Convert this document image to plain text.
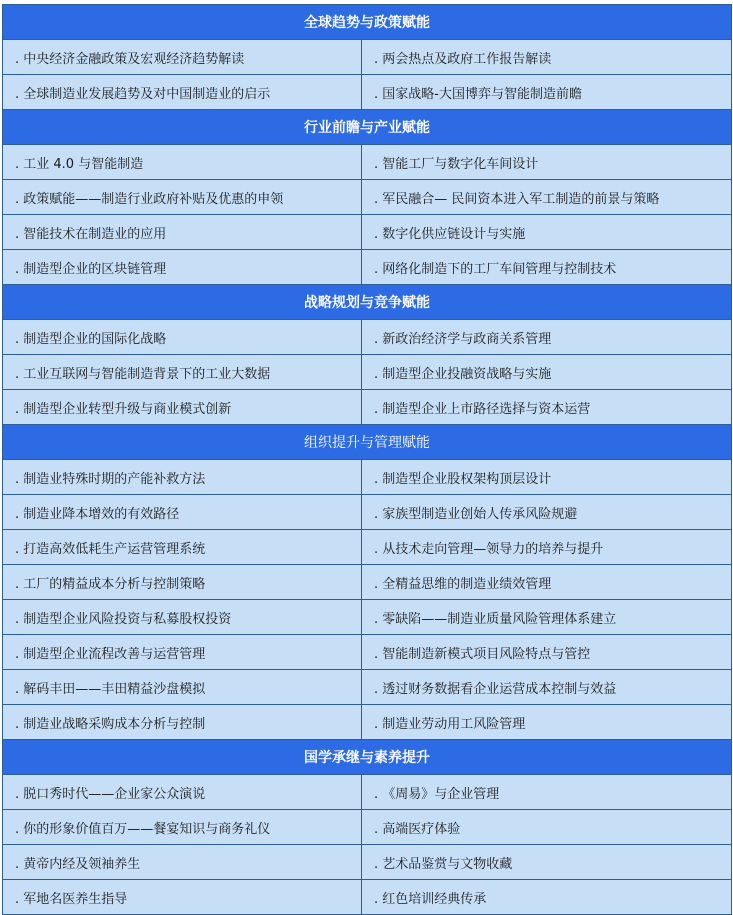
全球趋势与政策赋能	
. 中央经济金融政策及宏观经济趋势解读	. 两会热点及政府工作报告解读
. 全球制造业发展趋势及对中国制造业的启示	. 国家战略-大国博弈与智能制造前瞻
行业前瞻与产业赋能	
. 工业 4.0 与智能制造	. 智能工厂与数字化车间设计
. 政策赋能——制造行业政府补贴及优惠的申领	. 军民融合— 民间资本进入军工制造的前景与策略
. 智能技术在制造业的应用	. 数字化供应链设计与实施
. 制造型企业的区块链管理	. 网络化制造下的工厂车间管理与控制技术
战略规划与竞争赋能	
. 制造型企业的国际化战略	. 新政治经济学与政商关系管理
. 工业互联网与智能制造背景下的工业大数据	. 制造型企业投融资战略与实施
. 制造型企业转型升级与商业模式创新	. 制造型企业上市路径选择与资本运营
组织提升与管理赋能	
. 制造业特殊时期的产能补救方法	. 制造型企业股权架构顶层设计
. 制造业降本增效的有效路径	. 家族型制造业创始人传承风险规避
. 打造高效低耗生产运营管理系统	. 从技术走向管理—领导力的培养与提升
. 工厂的精益成本分析与控制策略	. 全精益思维的制造业绩效管理
. 制造型企业风险投资与私募股权投资	. 零缺陷——制造业质量风险管理体系建立
. 制造型企业流程改善与运营管理	. 智能制造新模式项目风险特点与管控
. 解码丰田——丰田精益沙盘模拟	. 透过财务数据看企业运营成本控制与效益
. 制造业战略采购成本分析与控制	. 制造业劳动用工风险管理
国学承继与素养提升	
. 脱口秀时代——企业家公众演说	. 《周易》与企业管理
. 你的形象价值百万——餐宴知识与商务礼仪	. 高端医疗体验
. 黄帝内经及领袖养生	. 艺术品鉴赏与文物收藏
. 军地名医养生指导	. 红色培训经典传承
